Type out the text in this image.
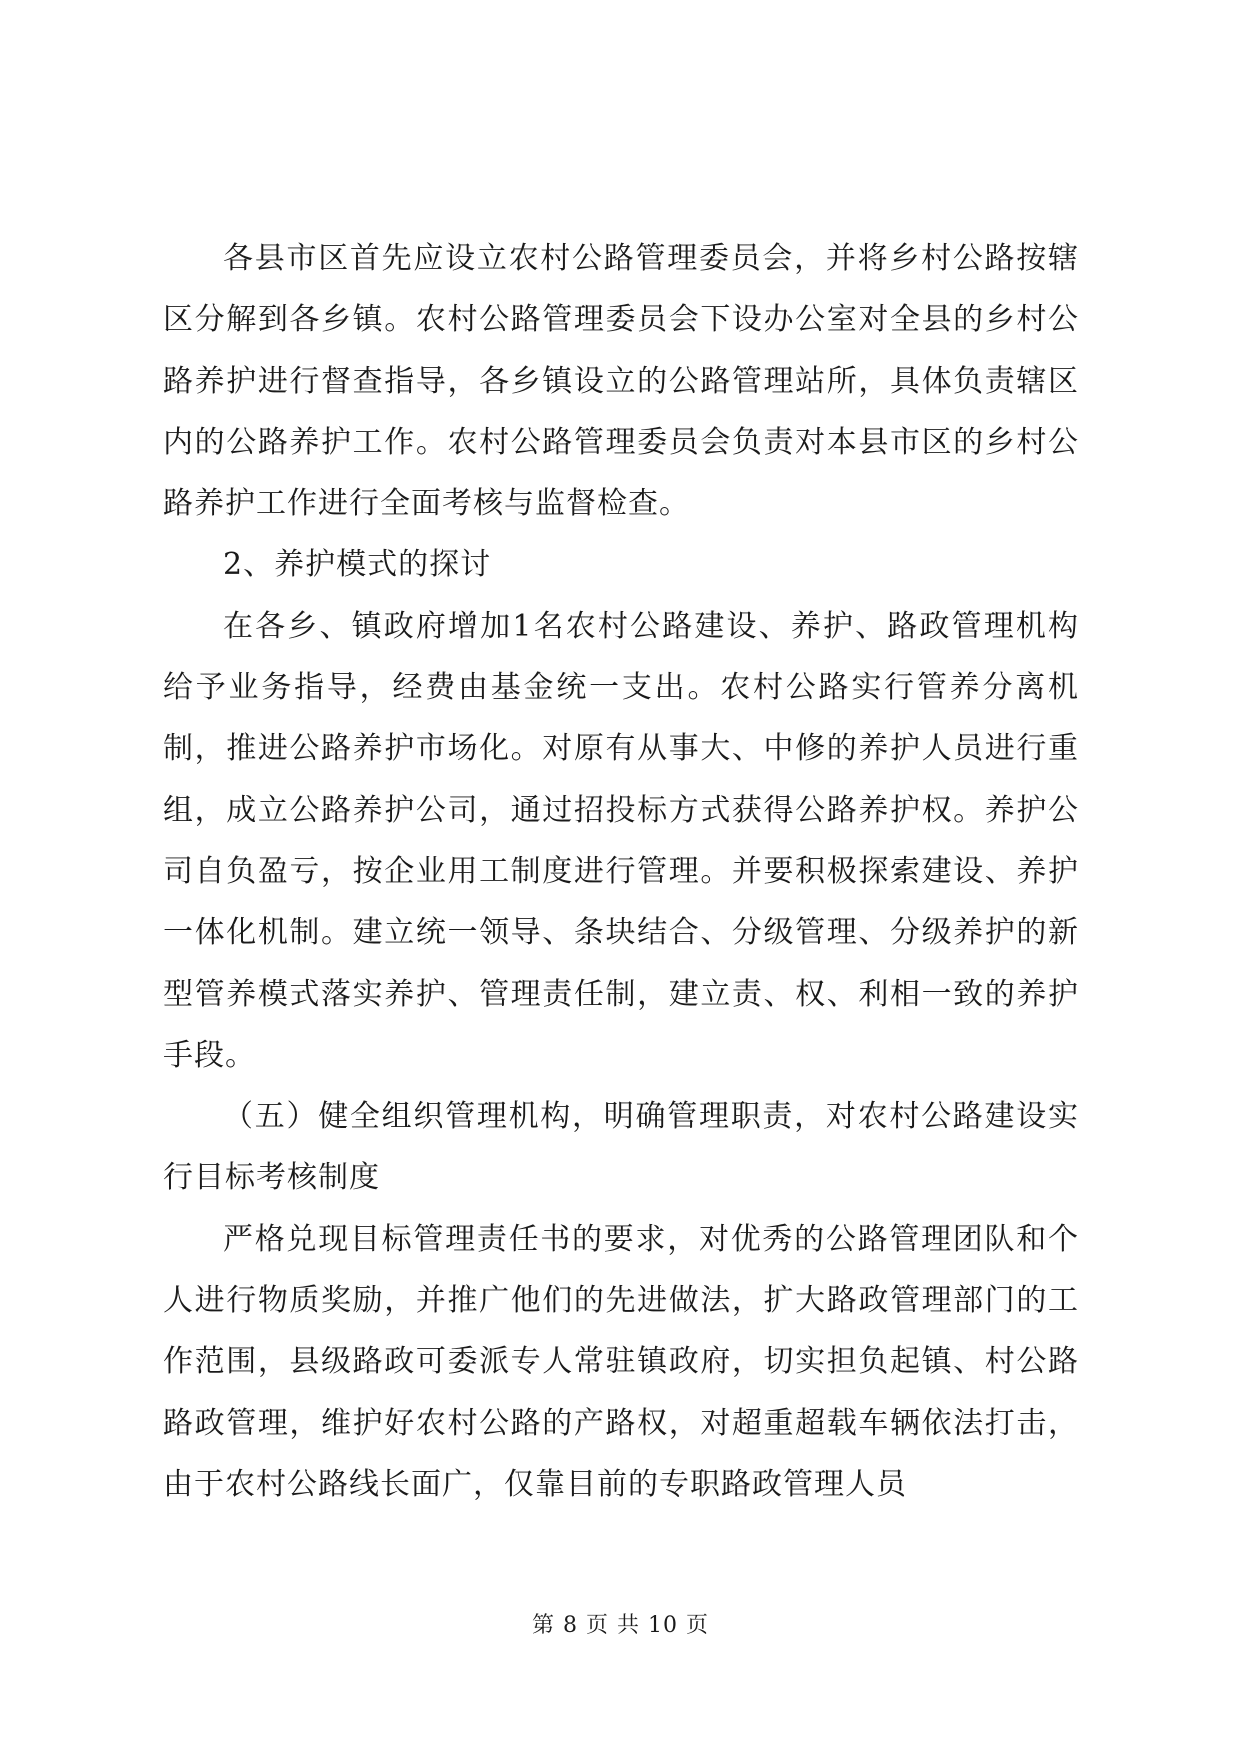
各县市区首先应设立农村公路管理委员会，并将乡村公路按辖区分解到各乡镇。农村公路管理委员会下设办公室对全县的乡村公路养护进行督查指导，各乡镇设立的公路管理站所，具体负责辖区内的公路养护工作。农村公路管理委员会负责对本县市区的乡村公路养护工作进行全面考核与监督检查。

2、养护模式的探讨

在各乡、镇政府增加1名农村公路建设、养护、路政管理机构给予业务指导，经费由基金统一支出。农村公路实行管养分离机制，推进公路养护市场化。对原有从事大、中修的养护人员进行重组，成立公路养护公司，通过招投标方式获得公路养护权。养护公司自负盈亏，按企业用工制度进行管理。并要积极探索建设、养护一体化机制。建立统一领导、条块结合、分级管理、分级养护的新型管养模式落实养护、管理责任制，建立责、权、利相一致的养护手段。

（五）健全组织管理机构，明确管理职责，对农村公路建设实行目标考核制度

严格兑现目标管理责任书的要求，对优秀的公路管理团队和个人进行物质奖励，并推广他们的先进做法，扩大路政管理部门的工作范围，县级路政可委派专人常驻镇政府，切实担负起镇、村公路路政管理，维护好农村公路的产路权，对超重超载车辆依法打击，由于农村公路线长面广，仅靠目前的专职路政管理人员

第 8 页 共 10 页
